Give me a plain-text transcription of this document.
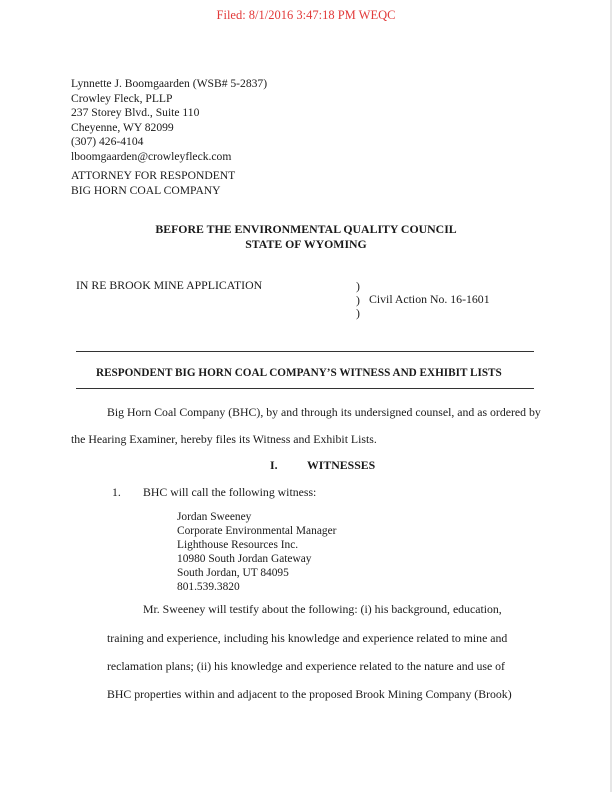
Filed: 8/1/2016 3:47:18 PM WEQC
Lynnette J. Boomgaarden (WSB# 5-2837)
Crowley Fleck, PLLP
237 Storey Blvd., Suite 110
Cheyenne, WY 82099
(307) 426-4104
lboomgaarden@crowleyfleck.com
ATTORNEY FOR RESPONDENT
BIG HORN COAL COMPANY
BEFORE THE ENVIRONMENTAL QUALITY COUNCIL
STATE OF WYOMING
IN RE BROOK MINE APPLICATION	)
)
)
Civil Action No. 16-1601
RESPONDENT BIG HORN COAL COMPANY’S WITNESS AND EXHIBIT LISTS
Big Horn Coal Company (BHC), by and through its undersigned counsel, and as ordered by
the Hearing Examiner, hereby files its Witness and Exhibit Lists.
I. WITNESSES
1. BHC will call the following witness:
Jordan Sweeney
Corporate Environmental Manager
Lighthouse Resources Inc.
10980 South Jordan Gateway
South Jordan, UT 84095
801.539.3820
Mr. Sweeney will testify about the following: (i) his background, education,
training and experience, including his knowledge and experience related to mine and
reclamation plans; (ii) his knowledge and experience related to the nature and use of
BHC properties within and adjacent to the proposed Brook Mining Company (Brook)
